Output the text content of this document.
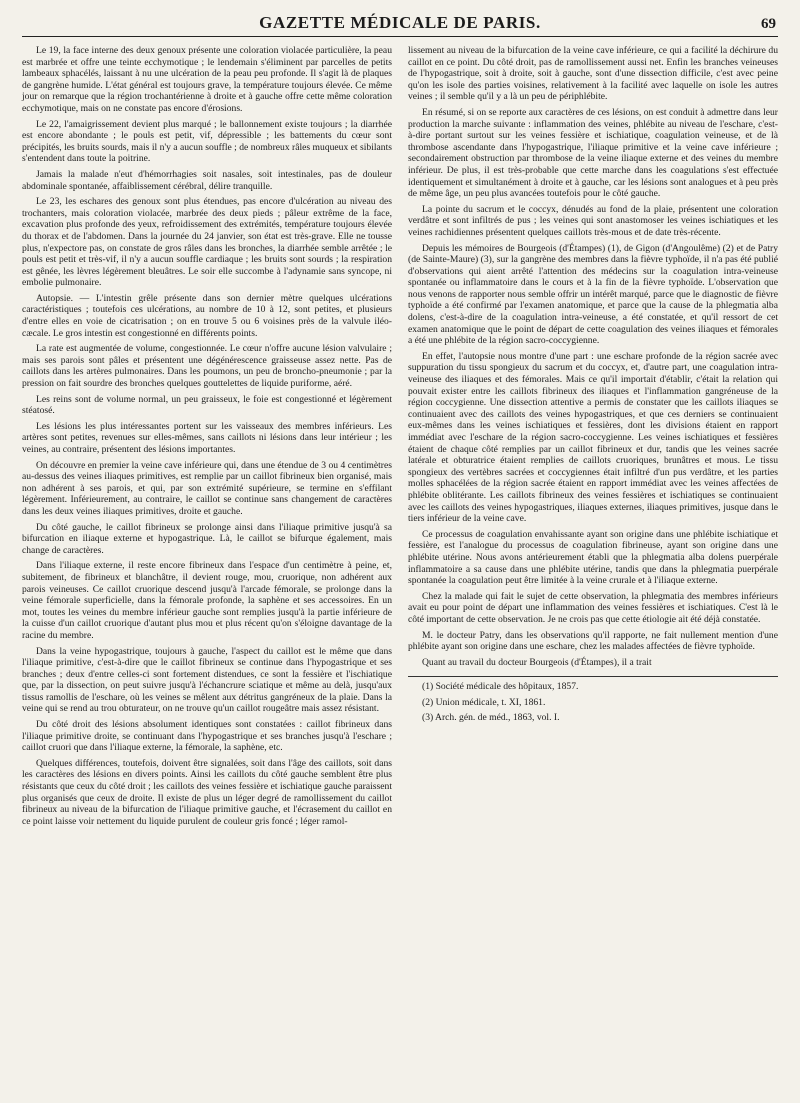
GAZETTE MÉDICALE DE PARIS.	69

Le 19, la face interne des deux genoux présente une coloration violacée particulière, la peau est marbrée et offre une teinte ecchymotique ; le lendemain s'éliminent par parcelles de petits lambeaux sphacélés, laissant à nu une ulcération de la peau peu profonde. Il s'agit là de plaques de gangrène humide. L'état général est toujours grave, la température toujours élevée. Ce même jour on remarque que la région trochantérienne à droite et à gauche offre cette même coloration ecchymotique, mais on ne constate pas encore d'érosions.

Le 22, l'amaigrissement devient plus marqué ; le ballonnement existe toujours ; la diarrhée est encore abondante ; le pouls est petit, vif, dépressible ; les battements du cœur sont précipités, les bruits sourds, mais il n'y a aucun souffle ; de nombreux râles muqueux et sibilants s'entendent dans toute la poitrine.

Jamais la malade n'eut d'hémorrhagies soit nasales, soit intestinales, pas de douleur abdominale spontanée, affaiblissement cérébral, délire tranquille.

Le 23, les eschares des genoux sont plus étendues, pas encore d'ulcération au niveau des trochanters, mais coloration violacée, marbrée des deux pieds ; pâleur extrême de la face, excavation plus profonde des yeux, refroidissement des extrémités, température toujours élevée du thorax et de l'abdomen. Dans la journée du 24 janvier, son état est très-grave. Elle ne tousse plus, n'expectore pas, on constate de gros râles dans les bronches, la diarrhée semble arrêtée ; le pouls est petit et très-vif, il n'y a aucun souffle cardiaque ; les bruits sont sourds ; la respiration est gênée, les lèvres légèrement bleuâtres. Le soir elle succombe à l'adynamie sans syncope, ni embolie pulmonaire.

Autopsie. — L'intestin grêle présente dans son dernier mètre quelques ulcérations caractéristiques ; toutefois ces ulcérations, au nombre de 10 à 12, sont petites, et plusieurs d'entre elles en voie de cicatrisation ; on en trouve 5 ou 6 voisines près de la valvule iléo-cæcale. Le gros intestin est congestionné en différents points.

La rate est augmentée de volume, congestionnée. Le cœur n'offre aucune lésion valvulaire ; mais ses parois sont pâles et présentent une dégénérescence graisseuse assez nette. Pas de caillots dans les artères pulmonaires. Dans les poumons, un peu de broncho-pneumonie ; par la pression on fait sourdre des bronches quelques gouttelettes de liquide puriforme, aéré.

Les reins sont de volume normal, un peu graisseux, le foie est congestionné et légèrement stéatosé.

Les lésions les plus intéressantes portent sur les vaisseaux des membres inférieurs. Les artères sont petites, revenues sur elles-mêmes, sans caillots ni lésions dans leur intérieur ; les veines, au contraire, présentent des lésions importantes.

On découvre en premier la veine cave inférieure qui, dans une étendue de 3 ou 4 centimètres au-dessus des veines iliaques primitives, est remplie par un caillot fibrineux bien organisé, mais non adhérent à ses parois, et qui, par son extrémité supérieure, se termine en s'effilant légèrement. Inférieurement, au contraire, le caillot se continue sans changement de caractères dans les deux veines iliaques primitives, droite et gauche.

Du côté gauche, le caillot fibrineux se prolonge ainsi dans l'iliaque primitive jusqu'à sa bifurcation en iliaque externe et hypogastrique. Là, le caillot se bifurque également, mais change de caractères.

Dans l'iliaque externe, il reste encore fibrineux dans l'espace d'un centimètre à peine, et, subitement, de fibrineux et blanchâtre, il devient rouge, mou, cruorique, non adhérent aux parois veineuses. Ce caillot cruorique descend jusqu'à l'arcade fémorale, se prolonge dans la veine fémorale superficielle, dans la fémorale profonde, la saphène et ses accessoires. En un mot, toutes les veines du membre inférieur gauche sont remplies jusqu'à la partie inférieure de la cuisse d'un caillot cruorique d'autant plus mou et plus récent qu'on s'éloigne davantage de la racine du membre.

Dans la veine hypogastrique, toujours à gauche, l'aspect du caillot est le même que dans l'iliaque primitive, c'est-à-dire que le caillot fibrineux se continue dans l'hypogastrique et ses branches ; deux d'entre celles-ci sont fortement distendues, ce sont la fessière et l'ischiatique que, par la dissection, on peut suivre jusqu'à l'échancrure sciatique et même au delà, jusqu'aux tissus ramollis de l'eschare, où les veines se mêlent aux détritus gangréneux de la plaie. Dans la veine qui se rend au trou obturateur, on ne trouve qu'un caillot rougeâtre mais assez résistant.

Du côté droit des lésions absolument identiques sont constatées : caillot fibrineux dans l'iliaque primitive droite, se continuant dans l'hypogastrique et ses branches jusqu'à l'eschare ; caillot cruori que dans l'iliaque externe, la fémorale, la saphène, etc.

Quelques différences, toutefois, doivent être signalées, soit dans l'âge des caillots, soit dans les caractères des lésions en divers points. Ainsi les caillots du côté gauche semblent être plus résistants que ceux du côté droit ; les caillots des veines fessière et ischiatique gauche paraissent plus organisés que ceux de droite. Il existe de plus un léger degré de ramollissement du caillot fibrineux au niveau de la bifurcation de l'iliaque primitive gauche, et l'écrasement du caillot en ce point laisse voir nettement du liquide purulent de couleur gris foncé ; léger ramol-

lissement au niveau de la bifurcation de la veine cave inférieure, ce qui a facilité la déchirure du caillot en ce point. Du côté droit, pas de ramollissement aussi net. Enfin les branches veineuses de l'hypogastrique, soit à droite, soit à gauche, sont d'une dissection difficile, c'est avec peine qu'on les isole des parties voisines, relativement à la facilité avec laquelle on isole les autres veines ; il semble qu'il y a là un peu de périphlébite.

En résumé, si on se reporte aux caractères de ces lésions, on est conduit à admettre dans leur production la marche suivante : inflammation des veines, phlébite au niveau de l'eschare, c'est-à-dire portant surtout sur les veines fessière et ischiatique, coagulation veineuse, et de là thrombose ascendante dans l'hypogastrique, l'iliaque primitive et la veine cave inférieure ; secondairement obstruction par thrombose de la veine iliaque externe et des veines du membre inférieur. De plus, il est très-probable que cette marche dans les coagulations s'est effectuée identiquement et simultanément à droite et à gauche, car les lésions sont analogues et à peu près de même âge, un peu plus avancées toutefois pour le côté gauche.

La pointe du sacrum et le coccyx, dénudés au fond de la plaie, présentent une coloration verdâtre et sont infiltrés de pus ; les veines qui sont anastomoser les veines ischiatiques et les veines rachidiennes présentent quelques caillots très-mous et de date très-récente.

Depuis les mémoires de Bourgeois (d'Étampes) (1), de Gigon (d'Angoulême) (2) et de Patry (de Sainte-Maure) (3), sur la gangrène des membres dans la fièvre typhoïde, il n'a pas été publié d'observations qui aient arrêté l'attention des médecins sur la coagulation intra-veineuse spontanée ou inflammatoire dans le cours et à la fin de la fièvre typhoïde. L'observation que nous venons de rapporter nous semble offrir un intérêt marqué, parce que le diagnostic de fièvre typhoïde a été confirmé par l'examen anatomique, et parce que la cause de la phlegmatia alba dolens, c'est-à-dire de la coagulation intra-veineuse, a été constatée, et qu'il ressort de cet examen anatomique que le point de départ de cette coagulation des veines iliaques et fémorales a été une phlébite de la région sacro-coccygienne.

En effet, l'autopsie nous montre d'une part : une eschare profonde de la région sacrée avec suppuration du tissu spongieux du sacrum et du coccyx, et, d'autre part, une coagulation intra-veineuse des iliaques et des fémorales. Mais ce qu'il importait d'établir, c'était la relation qui pouvait exister entre les caillots fibrineux des iliaques et l'inflammation gangréneuse de la région coccygienne. Une dissection attentive a permis de constater que les caillots iliaques se continuaient avec des caillots des veines hypogastriques, et que ces derniers se continuaient eux-mêmes dans les veines ischiatiques et fessières, dont les divisions étaient en rapport immédiat avec l'eschare de la région sacro-coccygienne. Les veines ischiatiques et fessières étaient de chaque côté remplies par un caillot fibrineux et dur, tandis que les veines sacrée latérale et obturatrice étaient remplies de caillots cruoriques, brunâtres et mous. Le tissu spongieux des vertèbres sacrées et coccygiennes était infiltré d'un pus verdâtre, et les parties molles sphacélées de la région sacrée étaient en rapport immédiat avec les veines affectées de phlébite oblitérante. Les caillots fibrineux des veines fessières et ischiatiques se continuaient avec les caillots des veines hypogastriques, iliaques externes, iliaques primitives, jusque dans le tiers inférieur de la veine cave.

Ce processus de coagulation envahissante ayant son origine dans une phlébite ischiatique et fessière, est l'analogue du processus de coagulation fibrineuse, ayant son origine dans une phlébite utérine. Nous avons antérieurement établi que la phlegmatia alba dolens puerpérale inflammatoire a sa cause dans une phlébite utérine, tandis que dans la phlegmatia puerpérale spontanée la coagulation peut être limitée à la veine crurale et à l'iliaque externe.

Chez la malade qui fait le sujet de cette observation, la phlegmatia des membres inférieurs avait eu pour point de départ une inflammation des veines fessières et ischiatiques. C'est là le côté important de cette observation. Je ne crois pas que cette étiologie ait été déjà constatée.

M. le docteur Patry, dans les observations qu'il rapporte, ne fait nullement mention d'une phlébite ayant son origine dans une eschare, chez les malades affectées de fièvre typhoïde.

Quant au travail du docteur Bourgeois (d'Étampes), il a trait

(1) Société médicale des hôpitaux, 1857.

(2) Union médicale, t. XI, 1861.

(3) Arch. gén. de méd., 1863, vol. I.
